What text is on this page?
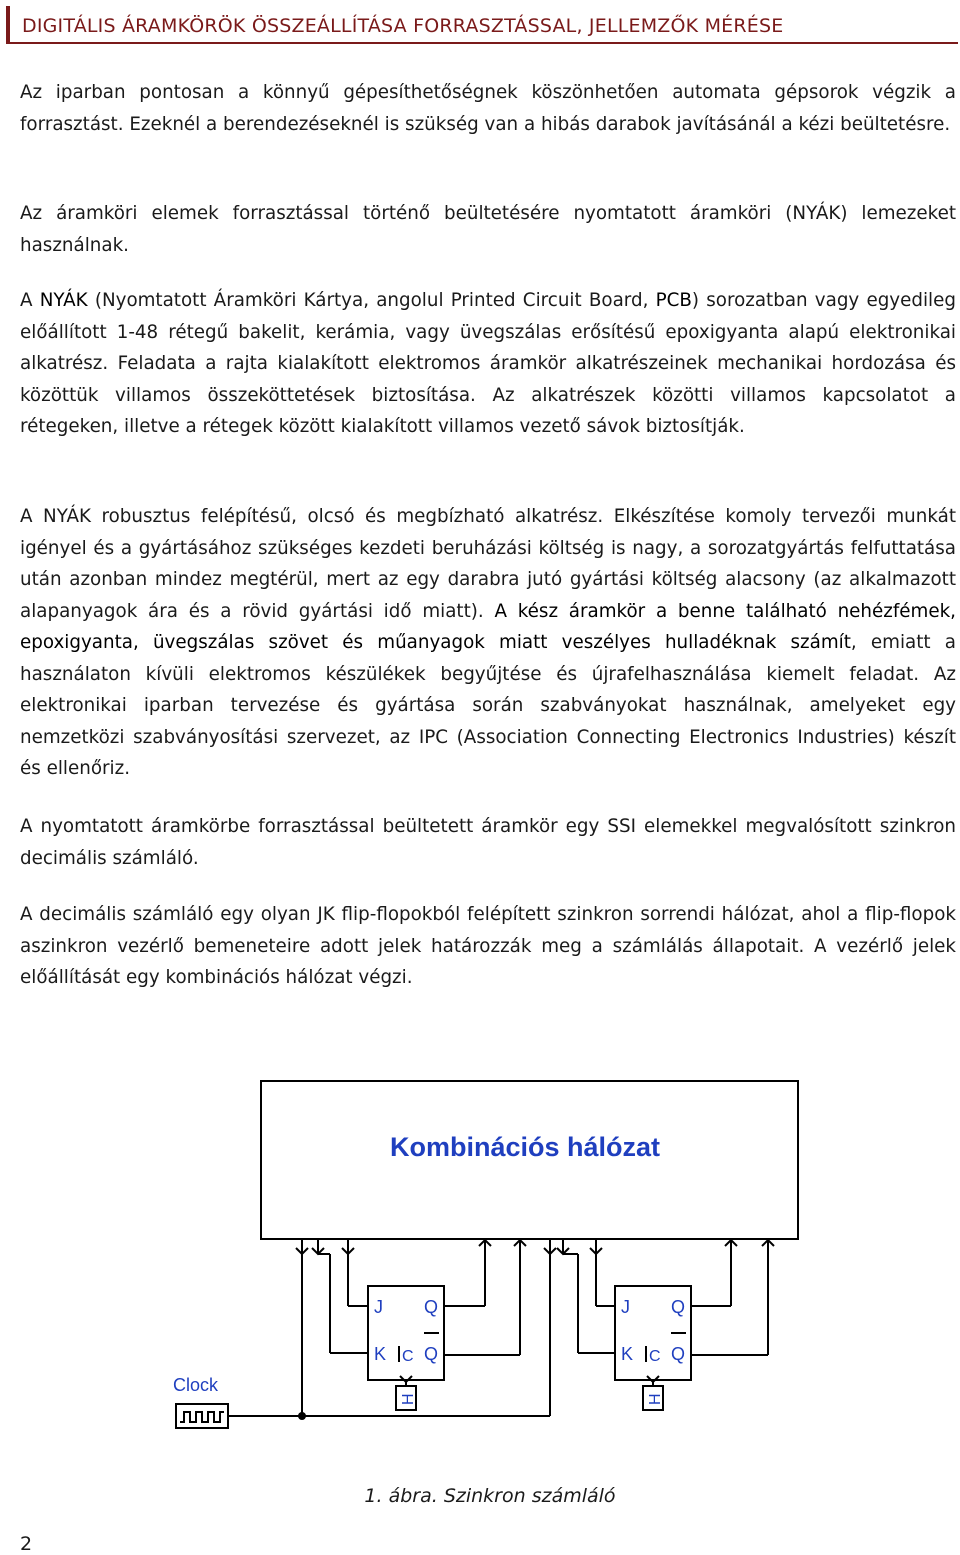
DIGITÁLIS ÁRAMKÖRÖK ÖSSZEÁLLÍTÁSA FORRASZTÁSSAL, JELLEMZŐK MÉRÉSE

Az iparban pontosan a könnyű gépesíthetőségnek köszönhetően automata gépsorok végzik a forrasztást. Ezeknél a berendezéseknél is szükség van a hibás darabok javításánál a kézi beültetésre.

Az áramköri elemek forrasztással történő beültetésére nyomtatott áramköri (NYÁK) lemezeket használnak.

A NYÁK (Nyomtatott Áramköri Kártya, angolul Printed Circuit Board, PCB) sorozatban vagy egyedileg előállított 1-48 rétegű bakelit, kerámia, vagy üvegszálas erősítésű epoxigyanta alapú elektronikai alkatrész. Feladata a rajta kialakított elektromos áramkör alkatrészeinek mechanikai hordozása és közöttük villamos összeköttetések biztosítása. Az alkatrészek közötti villamos kapcsolatot a rétegeken, illetve a rétegek között kialakított villamos vezető sávok biztosítják.

A NYÁK robusztus felépítésű, olcsó és megbízható alkatrész. Elkészítése komoly tervezői munkát igényel és a gyártásához szükséges kezdeti beruházási költség is nagy, a sorozatgyártás felfuttatása után azonban mindez megtérül, mert az egy darabra jutó gyártási költség alacsony (az alkalmazott alapanyagok ára és a rövid gyártási idő miatt). A kész áramkör a benne található nehézfémek, epoxigyanta, üvegszálas szövet és műanyagok miatt veszélyes hulladéknak számít, emiatt a használaton kívüli elektromos készülékek begyűjtése és újrafelhasználása kiemelt feladat. Az elektronikai iparban tervezése és gyártása során szabványokat használnak, amelyeket egy nemzetközi szabványosítási szervezet, az IPC (Association Connecting Electronics Industries) készít és ellenőriz.

A nyomtatott áramkörbe forrasztással beültetett áramkör egy SSI elemekkel megvalósított szinkron decimális számláló.

A decimális számláló egy olyan JK flip-flopokból felépített szinkron sorrendi hálózat, ahol a flip-flopok aszinkron vezérlő bemeneteire adott jelek határozzák meg a számlálás állapotait. A vezérlő jelek előállítását egy kombinációs hálózat végzi.

Kombinációs hálózat
Clock
J Q
K C Q
H
J Q
K C Q
H
1. ábra. Szinkron számláló
2
